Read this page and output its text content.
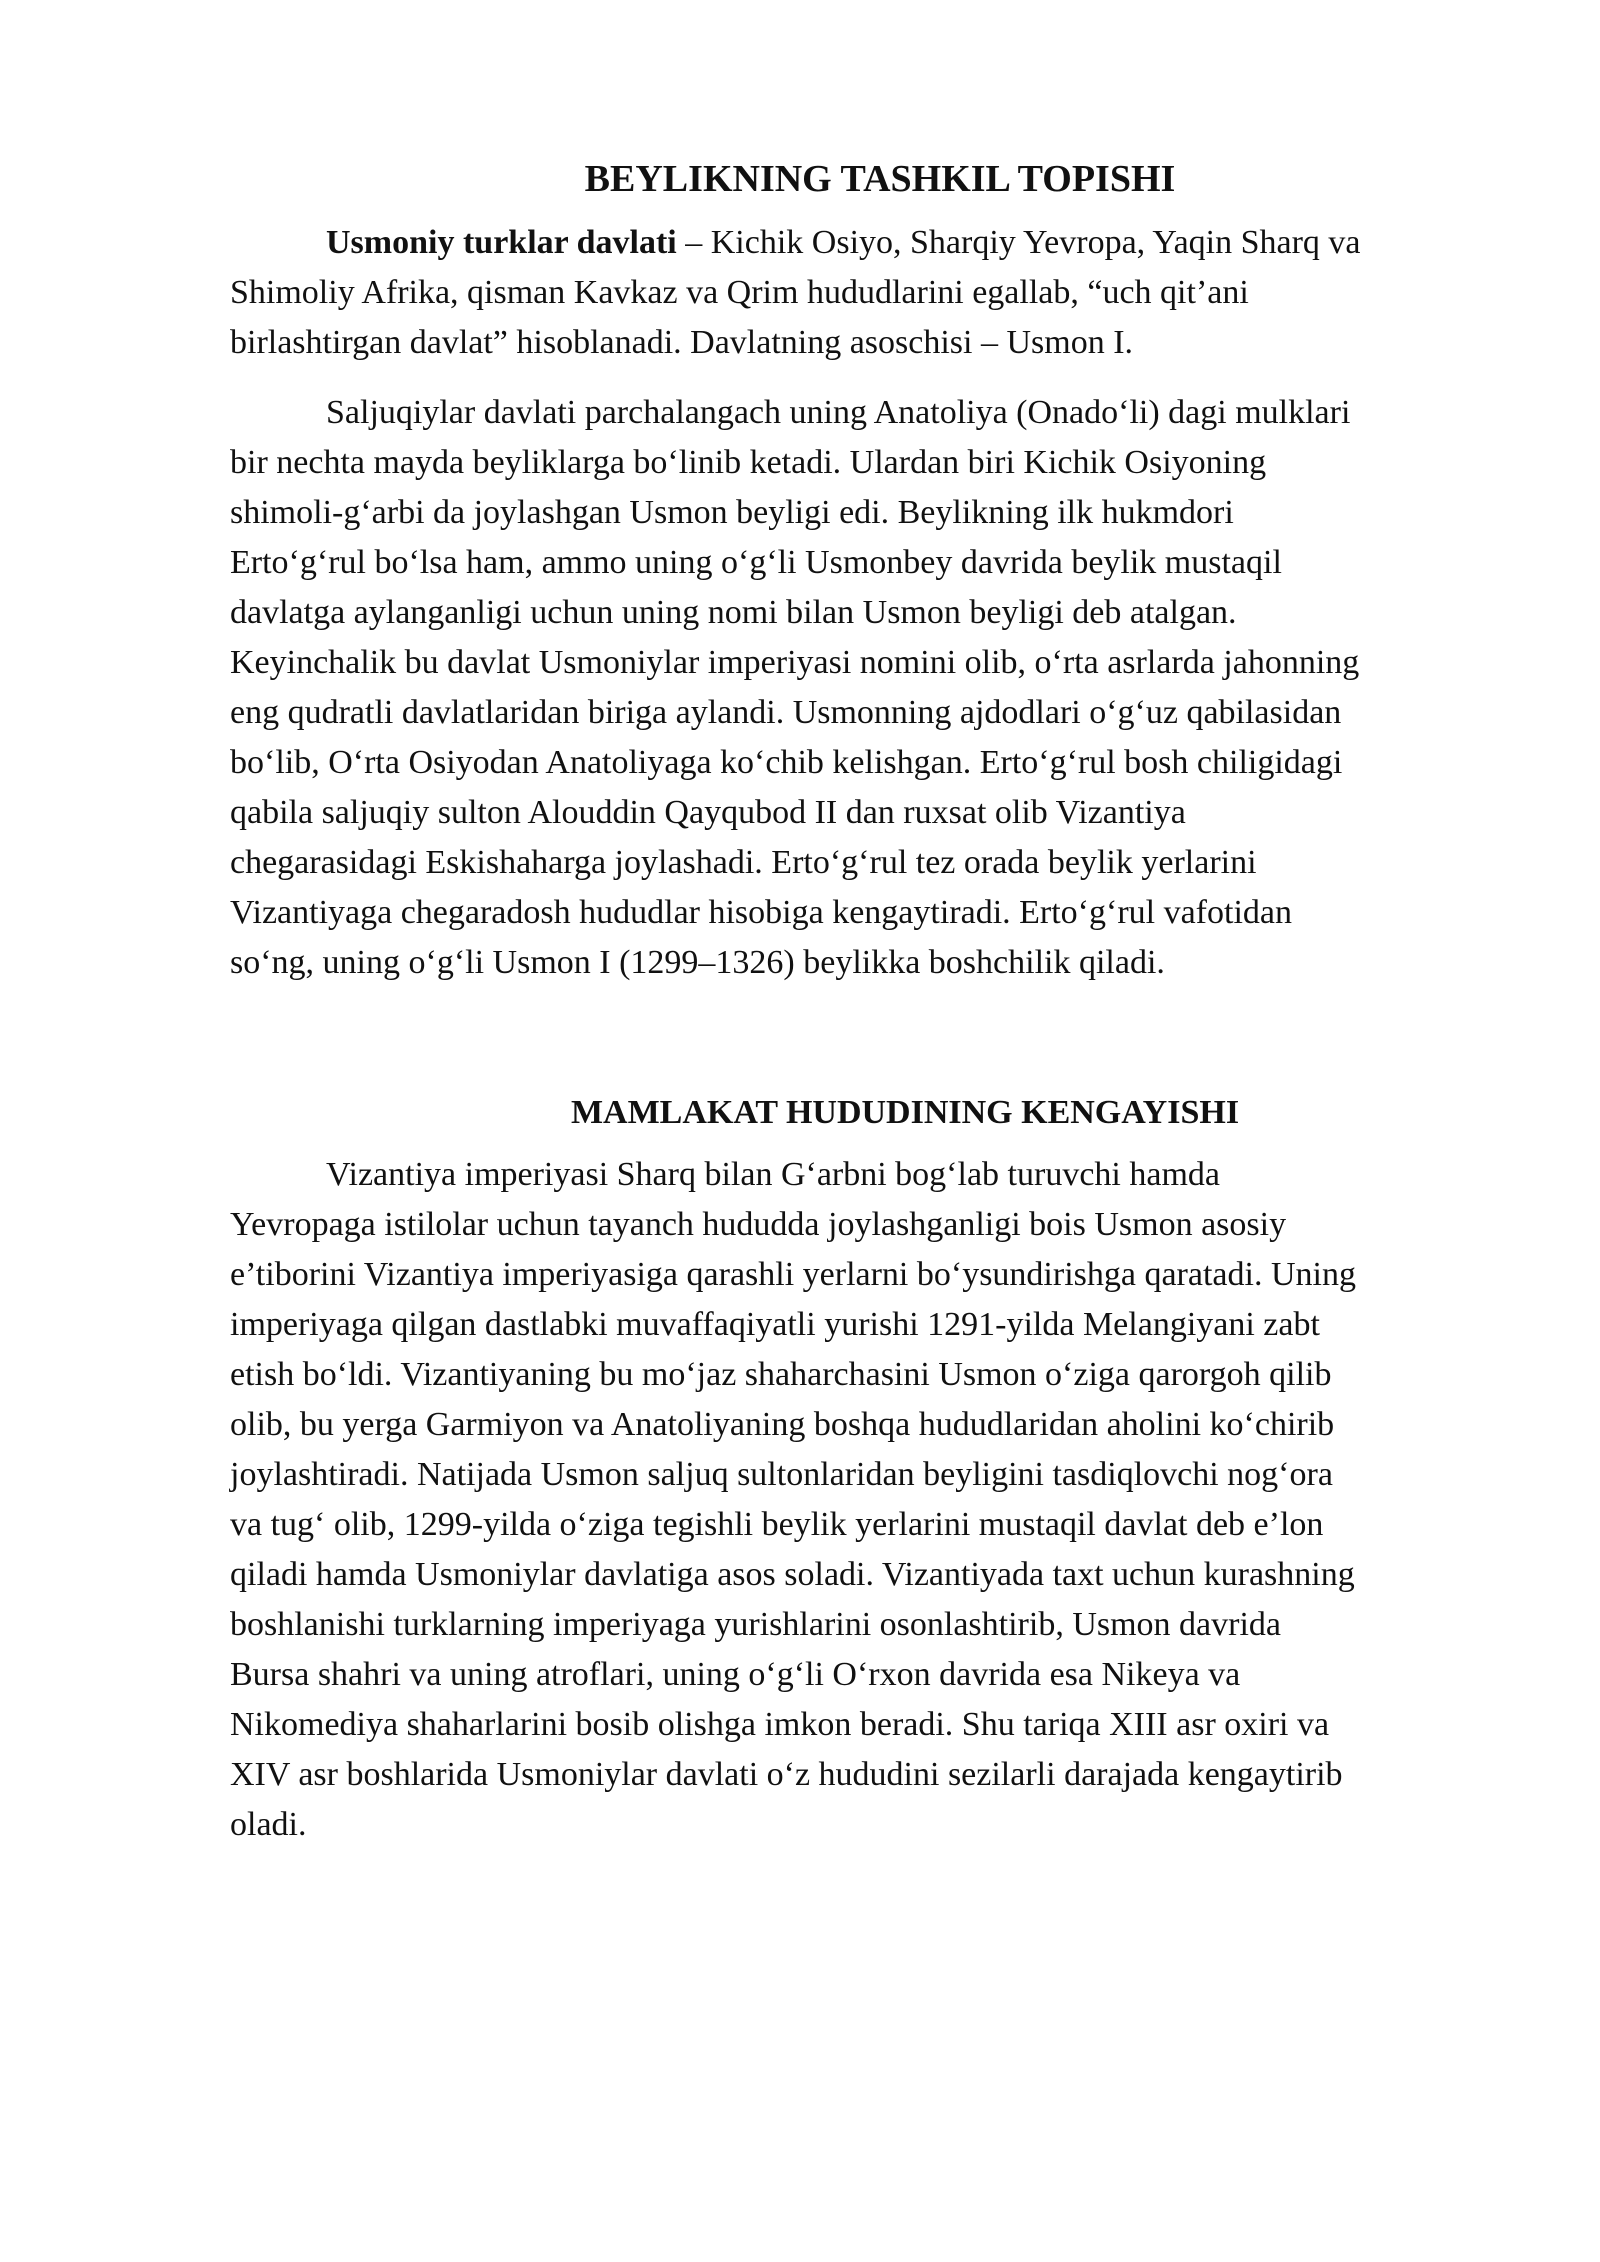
BEYLIKNING TASHKIL TOPISHI

Usmoniy turklar davlati – Kichik Osiyo, Sharqiy Yevropa, Yaqin Sharq va
Shimoliy Afrika, qisman Kavkaz va Qrim hududlarini egallab, “uch qit’ani
birlashtirgan davlat” hisoblanadi. Davlatning asoschisi – Usmon I.

Saljuqiylar davlati parchalangach uning Anatoliya (Onado‘li) dagi mulklari
bir nechta mayda beyliklarga bo‘linib ketadi. Ulardan biri Kichik Osiyoning
shimoli-g‘arbi da joylashgan Usmon beyligi edi. Beylikning ilk hukmdori
Erto‘g‘rul bo‘lsa ham, ammo uning o‘g‘li Usmonbey davrida beylik mustaqil
davlatga aylanganligi uchun uning nomi bilan Usmon beyligi deb atalgan.
Keyinchalik bu davlat Usmoniylar imperiyasi nomini olib, o‘rta asrlarda jahonning
eng qudratli davlatlaridan biriga aylandi. Usmonning ajdodlari o‘g‘uz qabilasidan
bo‘lib, O‘rta Osiyodan Anatoliyaga ko‘chib kelishgan. Erto‘g‘rul bosh chiligidagi
qabila saljuqiy sulton Alouddin Qayqubod II dan ruxsat olib Vizantiya
chegarasidagi Eskishaharga joylashadi. Erto‘g‘rul tez orada beylik yerlarini
Vizantiyaga chegaradosh hududlar hisobiga kengaytiradi. Erto‘g‘rul vafotidan
so‘ng, uning o‘g‘li Usmon I (1299–1326) beylikka boshchilik qiladi.

MAMLAKAT HUDUDINING KENGAYISHI

Vizantiya imperiyasi Sharq bilan G‘arbni bog‘lab turuvchi hamda
Yevropaga istilolar uchun tayanch hududda joylashganligi bois Usmon asosiy
e’tiborini Vizantiya imperiyasiga qarashli yerlarni bo‘ysundirishga qaratadi. Uning
imperiyaga qilgan dastlabki muvaffaqiyatli yurishi 1291-yilda Melangiyani zabt
etish bo‘ldi. Vizantiyaning bu mo‘jaz shaharchasini Usmon o‘ziga qarorgoh qilib
olib, bu yerga Garmiyon va Anatoliyaning boshqa hududlaridan aholini ko‘chirib
joylashtiradi. Natijada Usmon saljuq sultonlaridan beyligini tasdiqlovchi nog‘ora
va tug‘ olib, 1299-yilda o‘ziga tegishli beylik yerlarini mustaqil davlat deb e’lon
qiladi hamda Usmoniylar davlatiga asos soladi. Vizantiyada taxt uchun kurashning
boshlanishi turklarning imperiyaga yurishlarini osonlashtirib, Usmon davrida
Bursa shahri va uning atroflari, uning o‘g‘li O‘rxon davrida esa Nikeya va
Nikomediya shaharlarini bosib olishga imkon beradi. Shu tariqa XIII asr oxiri va
XIV asr boshlarida Usmoniylar davlati o‘z hududini sezilarli darajada kengaytirib
oladi.
